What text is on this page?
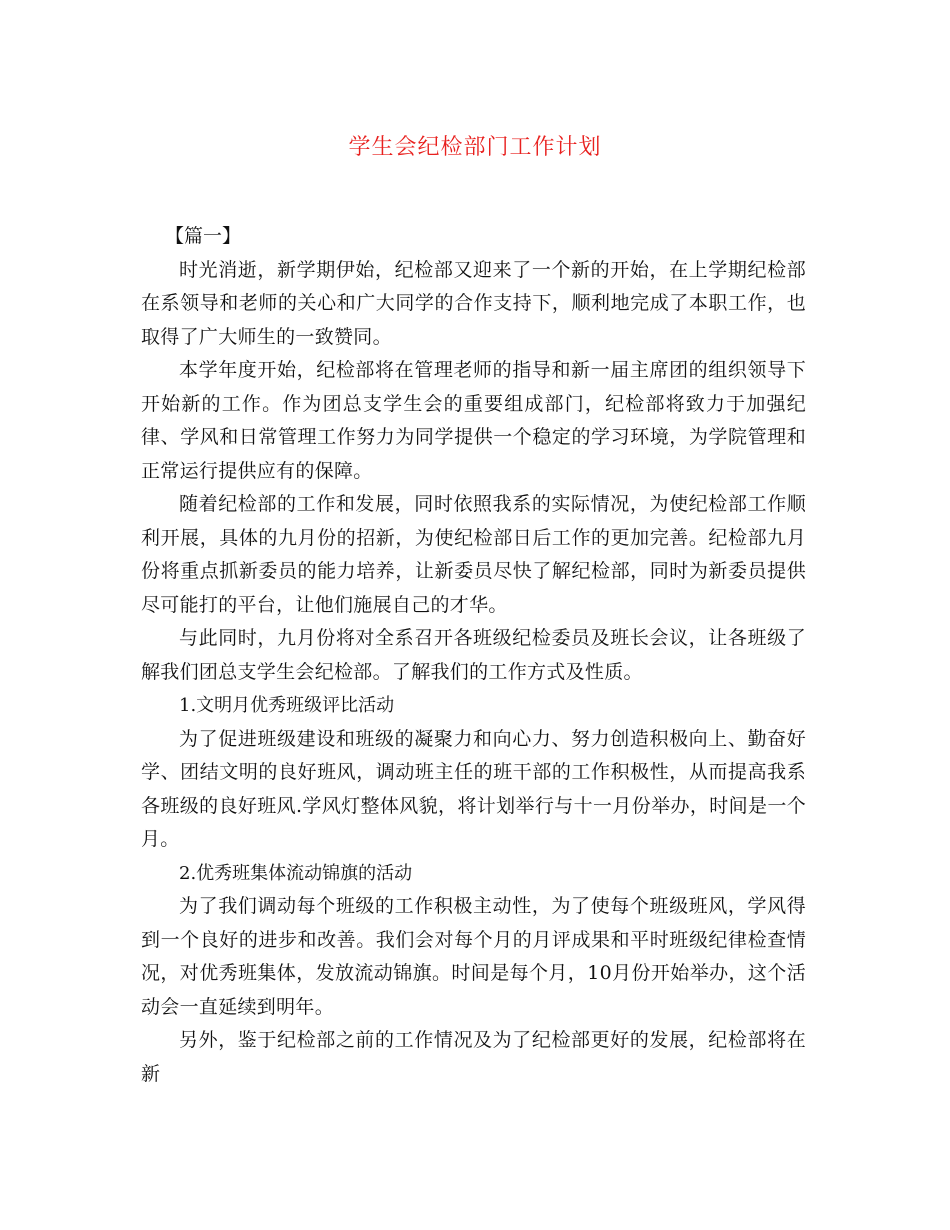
学生会纪检部门工作计划

【篇一】

时光消逝，新学期伊始，纪检部又迎来了一个新的开始，在上学期纪检部在系领导和老师的关心和广大同学的合作支持下，顺利地完成了本职工作，也取得了广大师生的一致赞同。

本学年度开始，纪检部将在管理老师的指导和新一届主席团的组织领导下开始新的工作。作为团总支学生会的重要组成部门，纪检部将致力于加强纪律、学风和日常管理工作努力为同学提供一个稳定的学习环境，为学院管理和正常运行提供应有的保障。

随着纪检部的工作和发展，同时依照我系的实际情况，为使纪检部工作顺利开展，具体的九月份的招新，为使纪检部日后工作的更加完善。纪检部九月份将重点抓新委员的能力培养，让新委员尽快了解纪检部，同时为新委员提供尽可能打的平台，让他们施展自己的才华。

与此同时，九月份将对全系召开各班级纪检委员及班长会议，让各班级了解我们团总支学生会纪检部。了解我们的工作方式及性质。

1.文明月优秀班级评比活动

为了促进班级建设和班级的凝聚力和向心力、努力创造积极向上、勤奋好学、团结文明的良好班风，调动班主任的班干部的工作积极性，从而提高我系各班级的良好班风.学风灯整体风貌，将计划举行与十一月份举办，时间是一个月。

2.优秀班集体流动锦旗的活动

为了我们调动每个班级的工作积极主动性，为了使每个班级班风，学风得到一个良好的进步和改善。我们会对每个月的月评成果和平时班级纪律检查情况，对优秀班集体，发放流动锦旗。时间是每个月，10月份开始举办，这个活动会一直延续到明年。

另外，鉴于纪检部之前的工作情况及为了纪检部更好的发展，纪检部将在新
